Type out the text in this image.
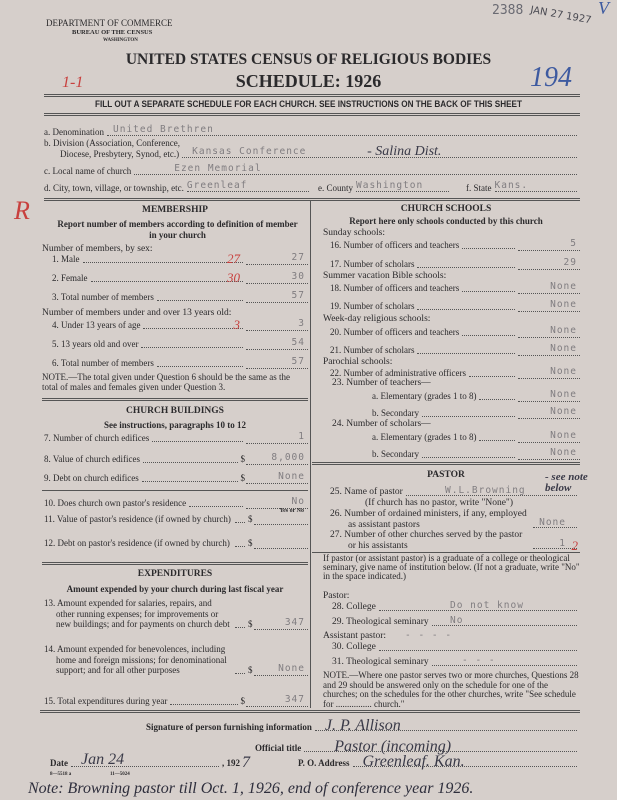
DEPARTMENT OF COMMERCE
BUREAU OF THE CENSUS
WASHINGTON
UNITED STATES CENSUS OF RELIGIOUS BODIES
SCHEDULE: 1926
2388 JAN 27 1927 V
1-1	194
R
FILL OUT A SEPARATE SCHEDULE FOR EACH CHURCH. SEE INSTRUCTIONS ON THE BACK OF THIS SHEET
a. Denomination United Brethren
b. Division (Association, Conference,
Diocese, Presbytery, Synod, etc.) Kansas Conference	- Salina Dist.
c. Local name of church	Ezen Memorial
d. City, town, village, or township, etc. Greenleaf	e. County Washington	f. State Kans.
MEMBERSHIP
Report number of members according to definition of member in your church
Number of members, by sex:
Number of members under and over 13 years old:
NOTE.—The total given under Question 6 should be the same as the total of males and females given under Question 3.
CHURCH BUILDINGS
See instructions, paragraphs 10 to 12
EXPENDITURES
Amount expended by your church during last fiscal year
CHURCH SCHOOLS
Report here only schools conducted by this church
Sunday schools:
Summer vacation Bible schools:
Week-day religious schools:
Parochial schools:
23. Number of teachers—
24. Number of scholars—
PASTOR
(If church has no pastor, write "None")
- see note below
If pastor (or assistant pastor) is a graduate of a college or theological seminary, give name of institution below. (If not a graduate, write "No" in the space indicated.)
Pastor:
Assistant pastor: - - - -
NOTE.—Where one pastor serves two or more churches, Questions 28 and 29 should be answered only on the schedule for one of the churches; on the schedules for the other churches, write "See schedule for ................ church."
Signature of person furnishing information J. P. Allison
Official title Pastor (incoming)
Date Jan 24	, 192 7	P. O. Address Greenleaf. Kan.
8—5518 a	11—5024
Note: Browning pastor till Oct. 1, 1926, end of conference year 1926.
1. Male	27
27
2. Female	30
30
3. Total number of members	57
4. Under 13 years of age	3
3
5. 13 years old and over	54
6. Total number of members	57
7. Number of church edifices	1
8. Value of church edifices	$	8,000
9. Debt on church edifices	$	None
10. Does church own pastor's residence	No
Yes or No
11. Value of pastor's residence (if owned by church) $
12. Debt on pastor's residence (if owned by church) $
13. Amount expended for salaries, repairs, and other running expenses; for improvements or new buildings; and for payments on church debt $	347
14. Amount expended for benevolences, including home and foreign missions; for denominational support; and for all other purposes	$	None
15. Total expenditures during year	$	347
16. Number of officers and teachers	5
17. Number of scholars	29
18. Number of officers and teachers	None
19. Number of scholars	None
20. Number of officers and teachers	None
21. Number of scholars	None
22. Number of administrative officers	None
a. Elementary (grades 1 to 8)	None
b. Secondary	None
a. Elementary (grades 1 to 8)	None
b. Secondary	None
25. Name of pastor	W.L.Browning
26. Number of ordained ministers, if any, employed as assistant pastors	None
27. Number of other churches served by the pastor or his assistants	1 2
28. College	Do not know
29. Theological seminary No
30. College
31. Theological seminary	- - -
